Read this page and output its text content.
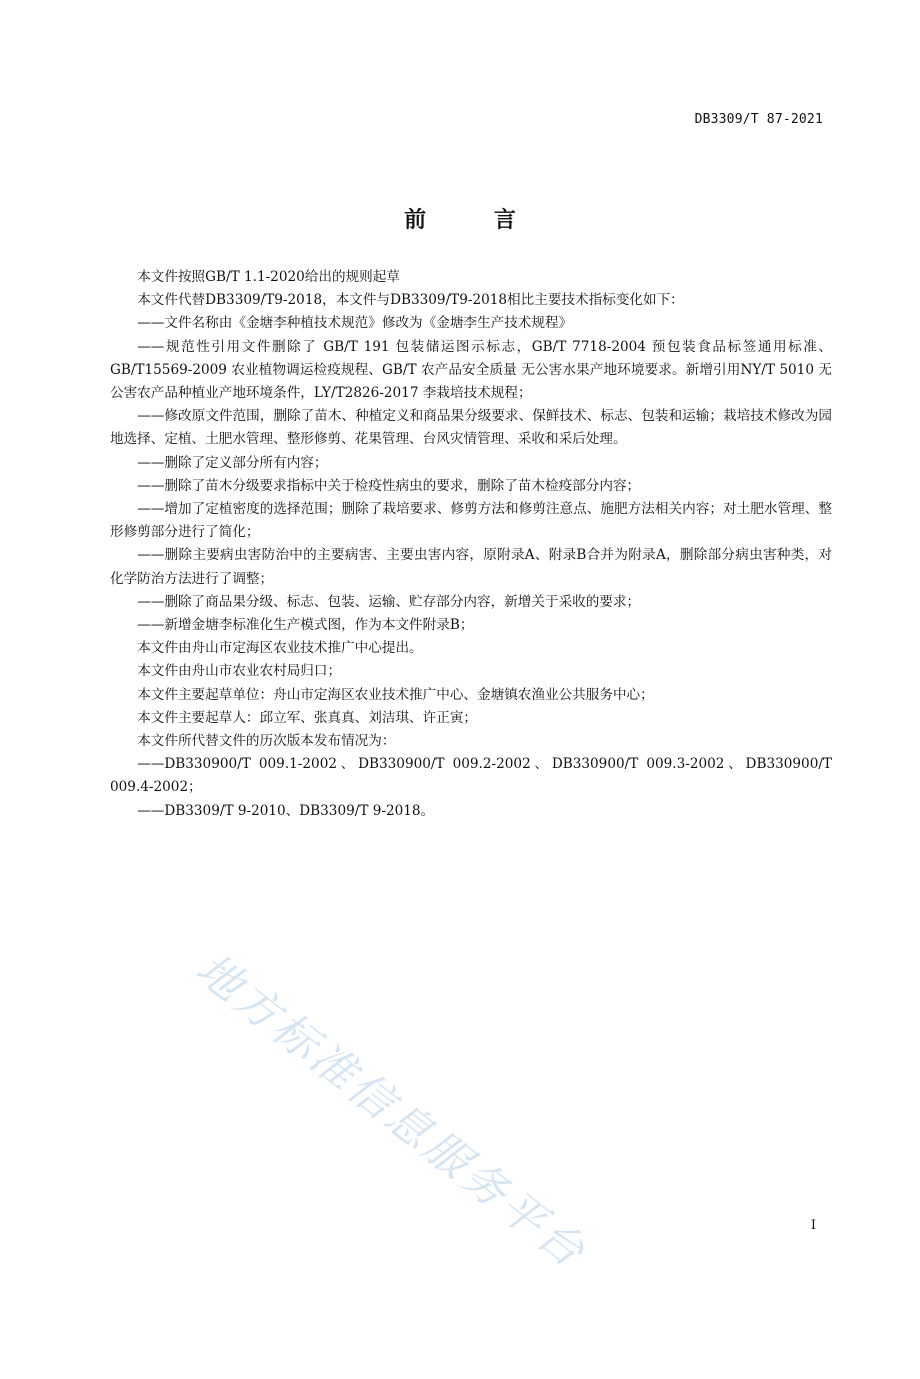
DB3309/T 87-2021
前 言

本文件按照GB/T 1.1-2020给出的规则起草

本文件代替DB3309/T9-2018，本文件与DB3309/T9-2018相比主要技术指标变化如下：

——文件名称由《金塘李种植技术规范》修改为《金塘李生产技术规程》

——规范性引用文件删除了 GB/T 191 包装储运图示标志，GB/T 7718-2004 预包装食品标签通用标准、GB/T15569-2009 农业植物调运检疫规程、GB/T 农产品安全质量 无公害水果产地环境要求。新增引用NY/T 5010 无公害农产品种植业产地环境条件，LY/T2826-2017 李栽培技术规程；

——修改原文件范围，删除了苗木、种植定义和商品果分级要求、保鲜技术、标志、包装和运输；栽培技术修改为园地选择、定植、土肥水管理、整形修剪、花果管理、台风灾情管理、采收和采后处理。

——删除了定义部分所有内容；

——删除了苗木分级要求指标中关于检疫性病虫的要求，删除了苗木检疫部分内容；

——增加了定植密度的选择范围；删除了栽培要求、修剪方法和修剪注意点、施肥方法相关内容；对土肥水管理、整形修剪部分进行了简化；

——删除主要病虫害防治中的主要病害、主要虫害内容，原附录A、附录B合并为附录A，删除部分病虫害种类，对化学防治方法进行了调整；

——删除了商品果分级、标志、包装、运输、贮存部分内容，新增关于采收的要求；

——新增金塘李标准化生产模式图，作为本文件附录B；

本文件由舟山市定海区农业技术推广中心提出。

本文件由舟山市农业农村局归口；

本文件主要起草单位：舟山市定海区农业技术推广中心、金塘镇农渔业公共服务中心；

本文件主要起草人：邱立军、张真真、刘洁琪、许正寅；

本文件所代替文件的历次版本发布情况为：

——DB330900/T 009.1-2002、DB330900/T 009.2-2002、DB330900/T 009.3-2002、DB330900/T 009.4-2002；

——DB3309/T 9-2010、DB3309/T 9-2018。

地方标准信息服务平台	I
